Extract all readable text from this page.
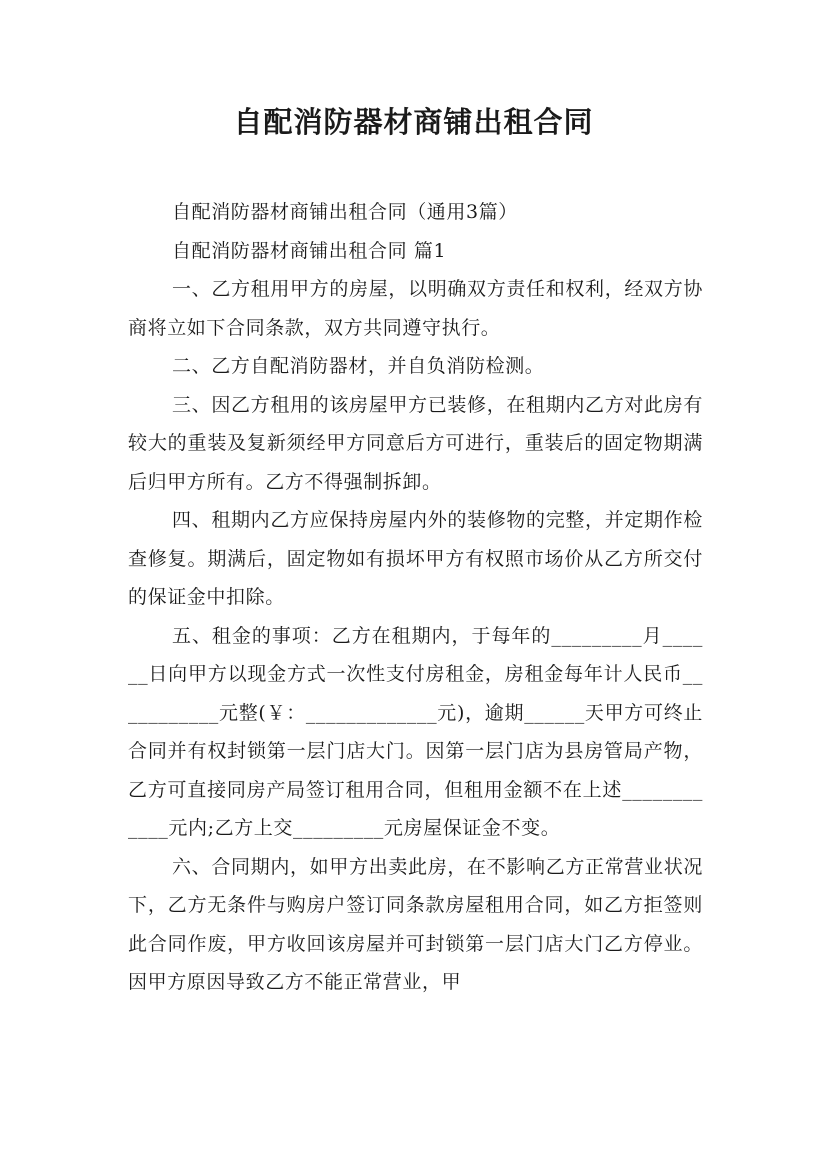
自配消防器材商铺出租合同

自配消防器材商铺出租合同（通用3篇）

自配消防器材商铺出租合同 篇1

一、乙方租用甲方的房屋，以明确双方责任和权利，经双方协商将立如下合同条款，双方共同遵守执行。

二、乙方自配消防器材，并自负消防检测。

三、因乙方租用的该房屋甲方已装修，在租期内乙方对此房有较大的重装及复新须经甲方同意后方可进行，重装后的固定物期满后归甲方所有。乙方不得强制拆卸。

四、租期内乙方应保持房屋内外的装修物的完整，并定期作检查修复。期满后，固定物如有损坏甲方有权照市场价从乙方所交付的保证金中扣除。

五、租金的事项：乙方在租期内，于每年的_________月______日向甲方以现金方式一次性支付房租金，房租金每年计人民币___________元整(￥：_____________元)，逾期______天甲方可终止合同并有权封锁第一层门店大门。因第一层门店为县房管局产物，乙方可直接同房产局签订租用合同，但租用金额不在上述____________元内;乙方上交_________元房屋保证金不变。

六、合同期内，如甲方出卖此房，在不影响乙方正常营业状况下，乙方无条件与购房户签订同条款房屋租用合同，如乙方拒签则此合同作废，甲方收回该房屋并可封锁第一层门店大门乙方停业。因甲方原因导致乙方不能正常营业，甲
